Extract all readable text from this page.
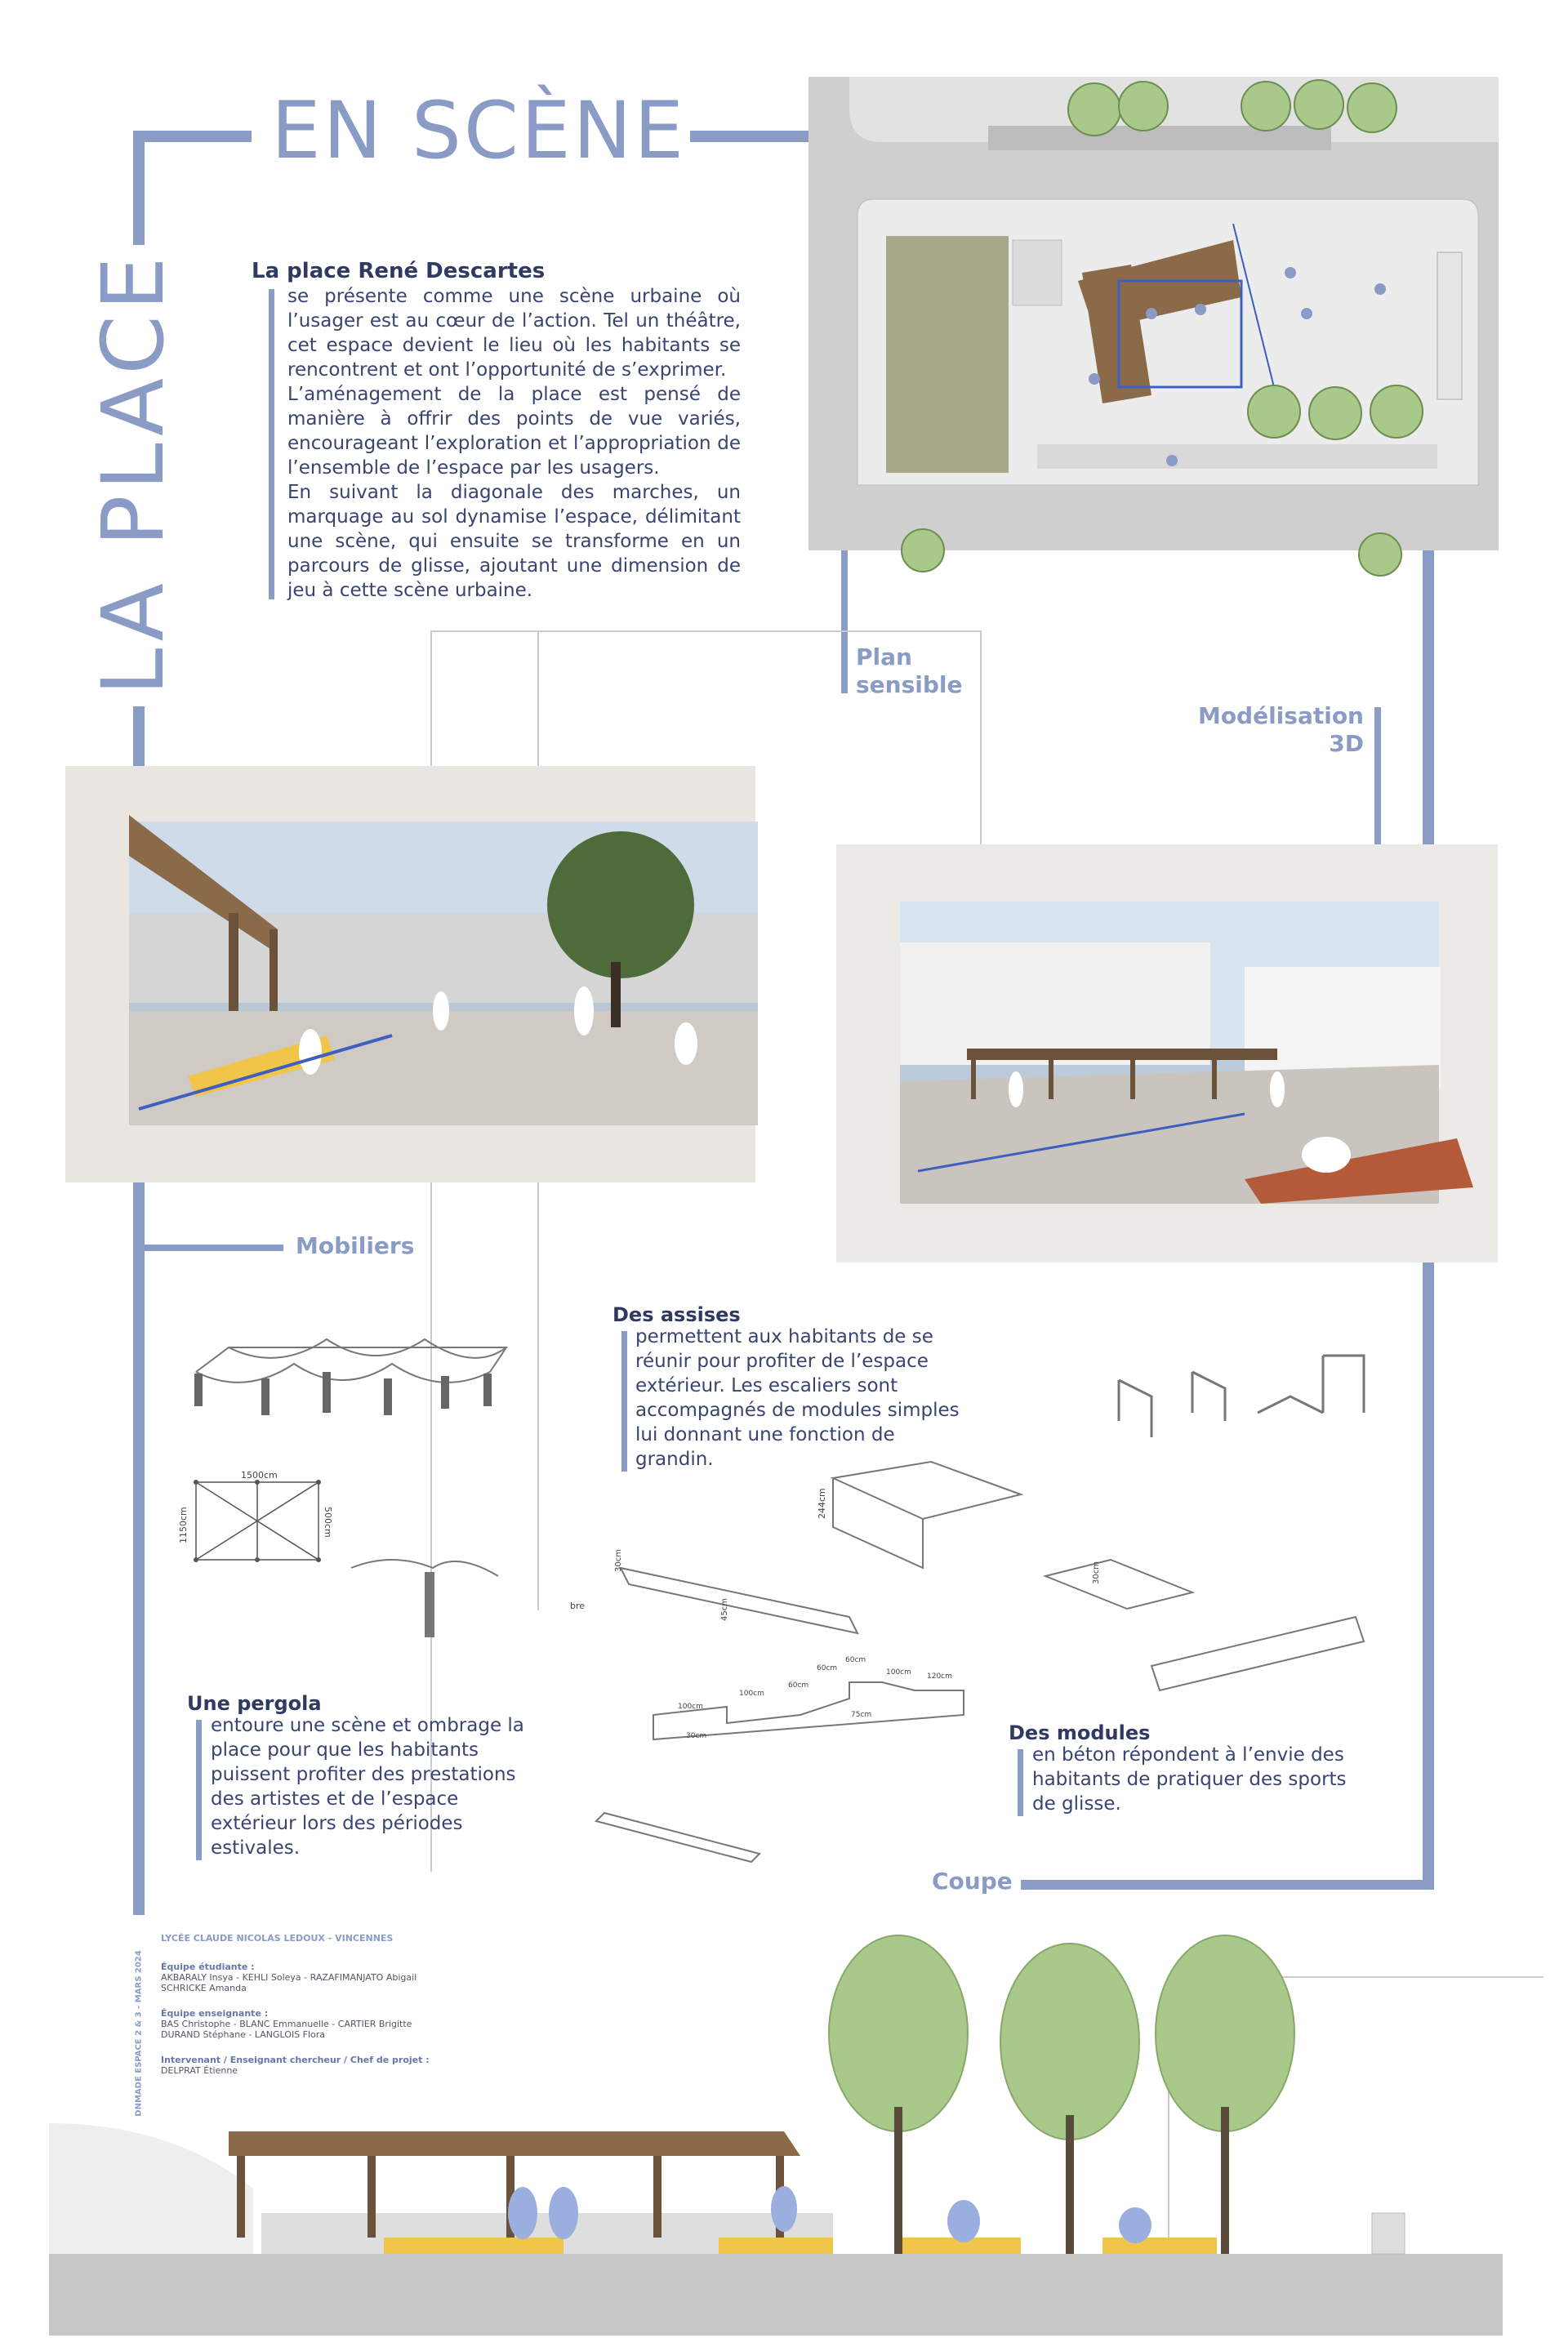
EN SCÈNE
LA PLACE	La place René Descartes
se présente comme une scène urbaine où l’usager est au cœur de l’action. Tel un théâtre, cet espace devient le lieu où les habitants se rencontrent et ont l’opportunité de s’exprimer.
L’aménagement de la place est pensé de manière à offrir des points de vue variés, encourageant l’exploration et l’appropriation de l’ensemble de l’espace par les usagers.
En suivant la diagonale des marches, un marquage au sol dynamise l’espace, délimitant une scène, qui ensuite se transforme en un parcours de glisse, ajoutant une dimension de jeu à cette scène urbaine.
Plan
sensible
Modélisation
3D
Mobiliers
Des assises
permettent aux habitants de se réunir pour profiter de l’espace extérieur. Les escaliers sont accompagnés de modules simples lui donnant une fonction de grandin.
1500cm
1150cm	500cm
bre
Une pergola
entoure une scène et ombrage la place pour que les habitants puissent profiter des prestations des artistes et de l’espace extérieur lors des périodes estivales.
244cm
30cm
45cm
30cm
100cm
100cm
60cm
60cm
60cm
100cm 120cm
30cm
75cm
Des modules
en béton répondent à l’envie des habitants de pratiquer des sports de glisse.
Coupe
DNMADE ESPACE 2 & 3 - MARS 2024
LYCÉE CLAUDE NICOLAS LEDOUX - VINCENNES
Équipe étudiante :
AKBARALY Insya - KEHLI Soleya - RAZAFIMANJATO Abigail
SCHRICKE Amanda
Équipe enseignante :
BAS Christophe - BLANC Emmanuelle - CARTIER Brigitte
DURAND Stéphane - LANGLOIS Flora
Intervenant / Enseignant chercheur / Chef de projet :
DELPRAT Étienne
